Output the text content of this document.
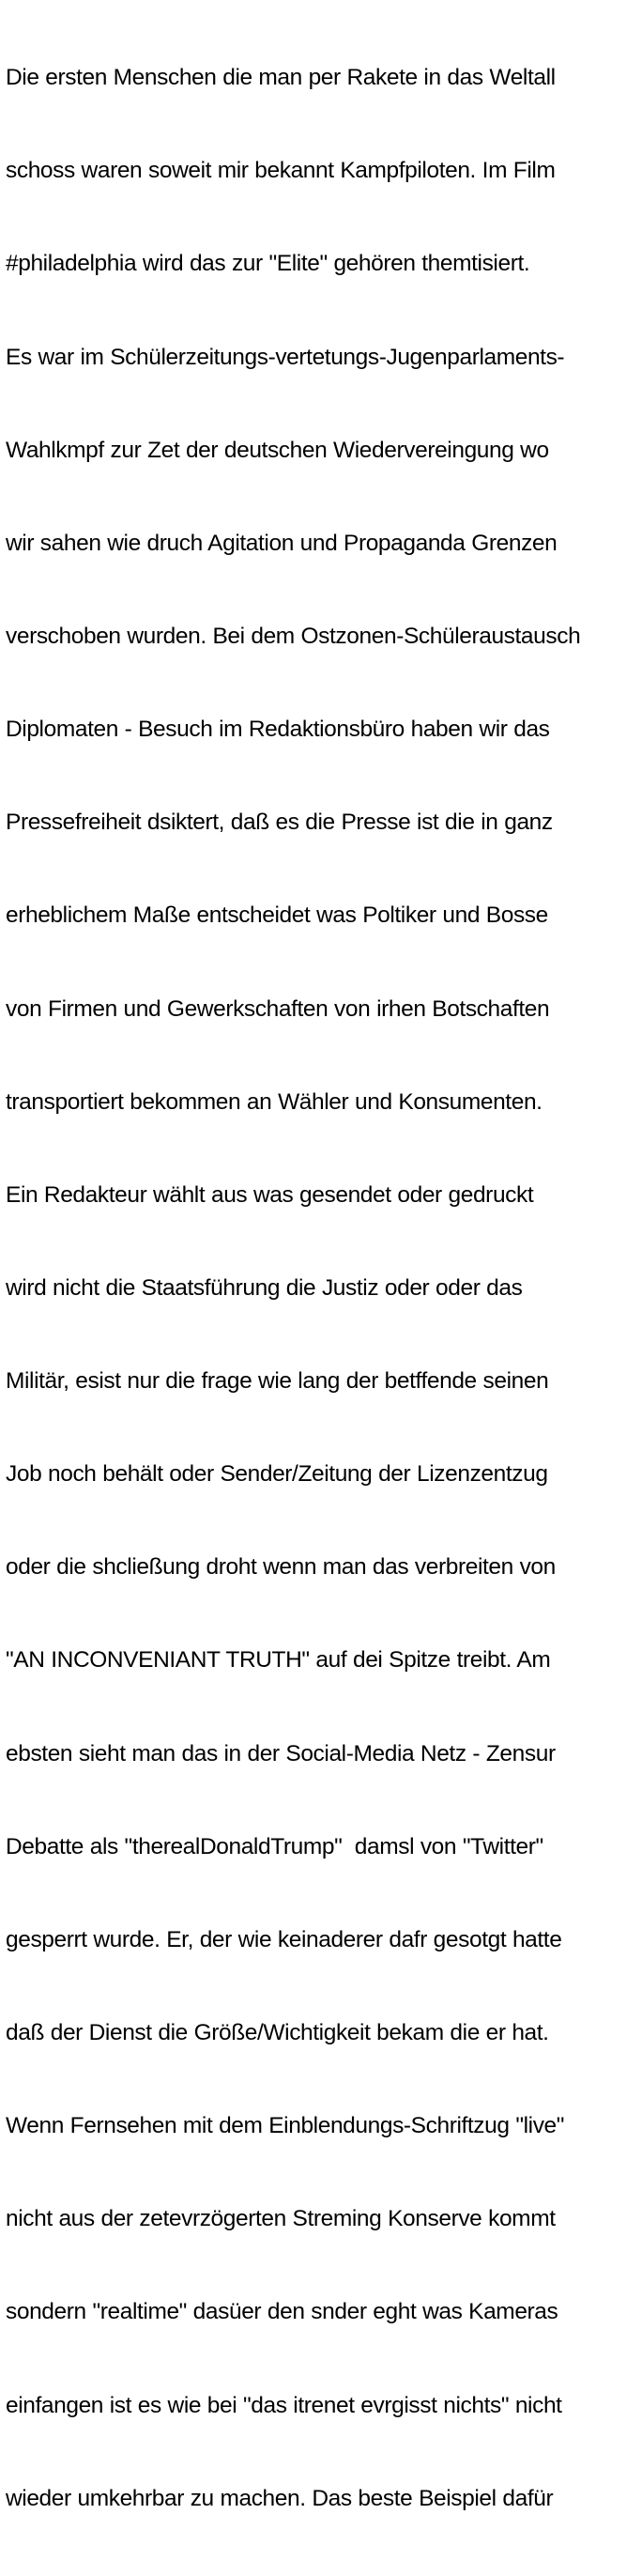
Die ersten Menschen die man per Rakete in das Weltall

schoss waren soweit mir bekannt Kampfpiloten. Im Film

#philadelphia wird das zur "Elite" gehören themtisiert.

Es war im Schülerzeitungs-vertetungs-Jugenparlaments-

Wahlkmpf zur Zet der deutschen Wiedervereingung wo

wir sahen wie druch Agitation und Propaganda Grenzen

verschoben wurden. Bei dem Ostzonen-Schüleraustausch

Diplomaten - Besuch im Redaktionsbüro haben wir das

Pressefreiheit dsiktert, daß es die Presse ist die in ganz

erheblichem Maße entscheidet was Poltiker und Bosse

von Firmen und Gewerkschaften von irhen Botschaften

transportiert bekommen an Wähler und Konsumenten.

Ein Redakteur wählt aus was gesendet oder gedruckt

wird nicht die Staatsführung die Justiz oder oder das

Militär, esist nur die frage wie lang der betffende seinen

Job noch behält oder Sender/Zeitung der Lizenzentzug

oder die shcließung droht wenn man das verbreiten von

"AN INCONVENIANT TRUTH" auf dei Spitze treibt. Am

ebsten sieht man das in der Social-Media Netz - Zensur

Debatte als "therealDonaldTrump"  damsl von "Twitter"

gesperrt wurde. Er, der wie keinaderer dafr gesotgt hatte

daß der Dienst die Größe/Wichtigkeit bekam die er hat.

Wenn Fernsehen mit dem Einblendungs-Schriftzug "live"

nicht aus der zetevrzögerten Streming Konserve kommt

sondern "realtime" dasüer den snder eght was Kameras

einfangen ist es wie bei "das itrenet evrgisst nichts" nicht

wieder umkehrbar zu machen. Das beste Beispiel dafür
